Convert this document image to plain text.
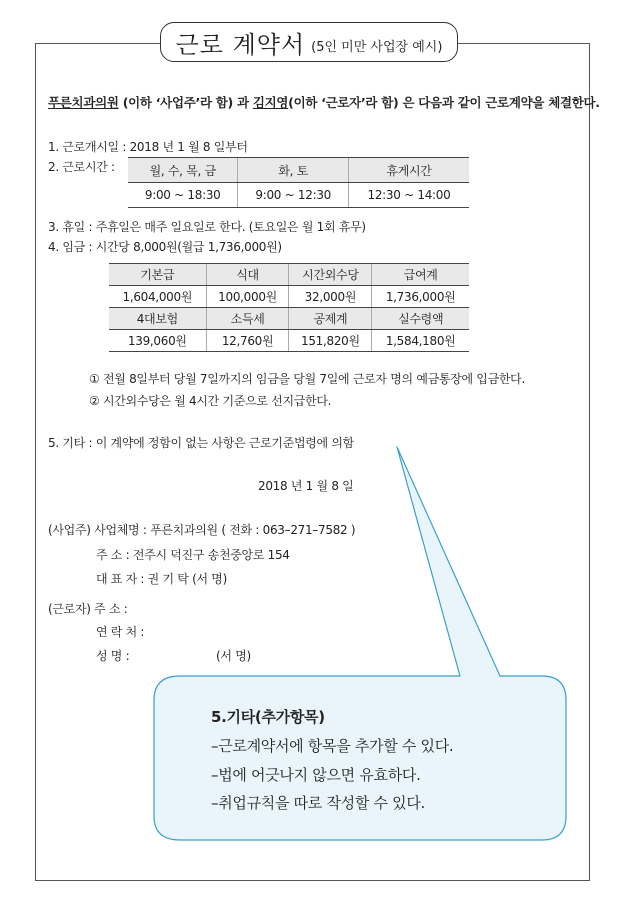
근로 계약서 (5인 미만 사업장 예시)
푸른치과의원 (이하 ‘사업주’라 함) 과 김지영(이하 ‘근로자’라 함) 은 다음과 같이 근로계약을 체결한다.
1. 근로개시일 : 2018 년 1 월 8 일부터
2. 근로시간 :	월, 수, 목, 금	화, 토	휴게시간
9:00 ~ 18:30	9:00 ~ 12:30	12:30 ~ 14:00
3. 휴일 : 주휴일은 매주 일요일로 한다. (토요일은 월 1회 휴무)
4. 임금 : 시간당 8,000원(월급 1,736,000원)
기본급	식대	시간외수당	급여계
1,604,000원	100,000원	32,000원	1,736,000원
4대보험	소득세	공제계	실수령액
139,060원	12,760원	151,820원	1,584,180원
① 전월 8일부터 당월 7일까지의 임금을 당월 7일에 근로자 명의 예금통장에 입금한다.
② 시간외수당은 월 4시간 기준으로 선지급한다.
5. 기타 : 이 계약에 정함이 없는 사항은 근로기준법령에 의함
2018 년 1 월 8 일
(사업주) 사업체명 : 푸른치과의원 ( 전화 : 063–271–7582 )
주 소 : 전주시 덕진구 송천중앙로 154
대 표 자 : 권 기 탁 (서 명)
(근로자) 주 소 :
연 락 처 :
성 명 :	(서 명)
5.기타(추가항목)
–근로계약서에 항목을 추가할 수 있다.
–법에 어긋나지 않으면 유효하다.
–취업규칙을 따로 작성할 수 있다.
